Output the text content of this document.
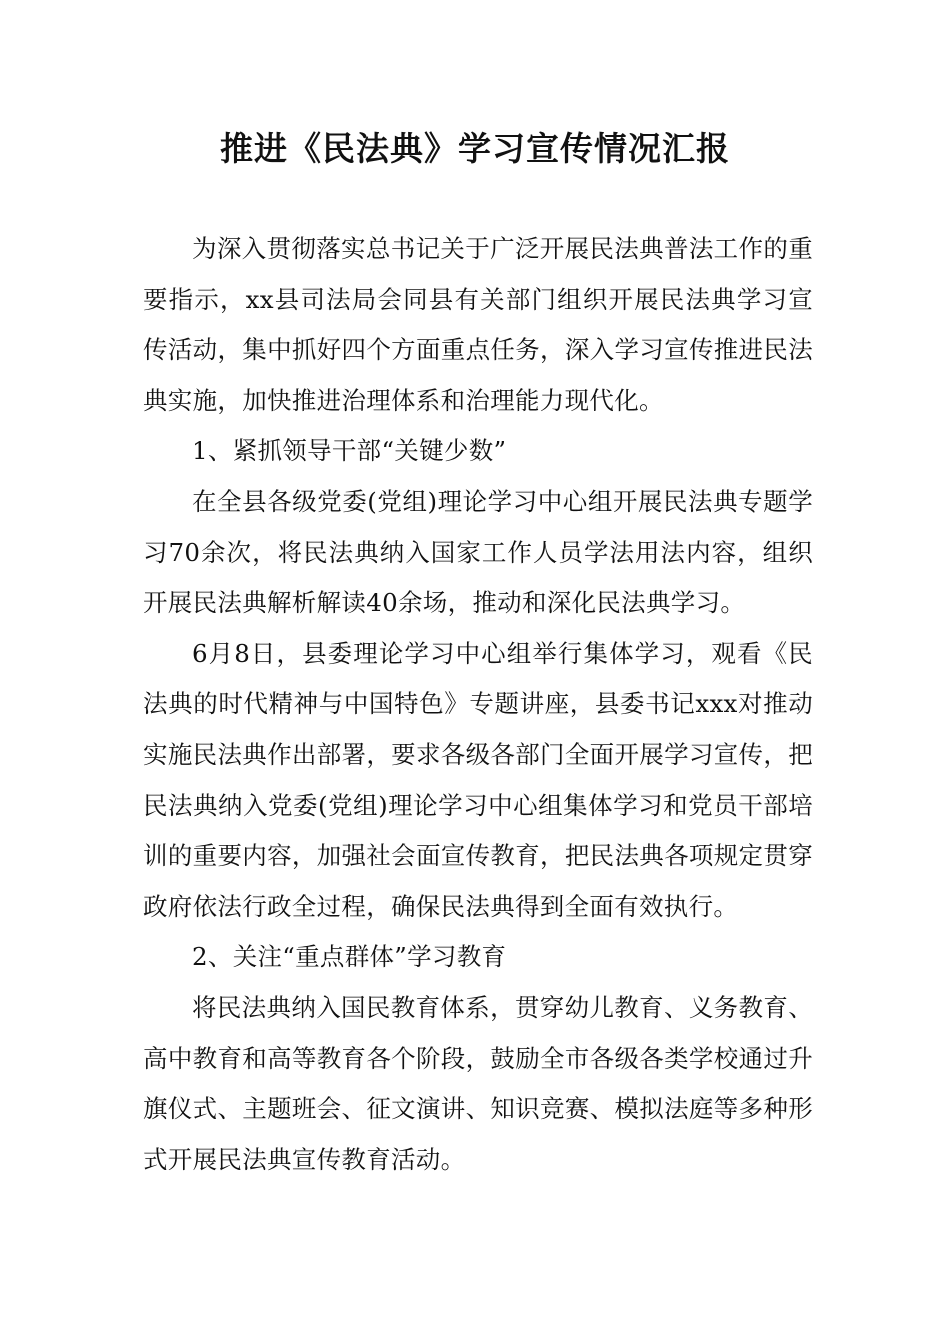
推进《民法典》学习宣传情况汇报

为深入贯彻落实总书记关于广泛开展民法典普法工作的重要指示，xx县司法局会同县有关部门组织开展民法典学习宣传活动，集中抓好四个方面重点任务，深入学习宣传推进民法典实施，加快推进治理体系和治理能力现代化。

1、紧抓领导干部“关键少数”

在全县各级党委(党组)理论学习中心组开展民法典专题学习70余次，将民法典纳入国家工作人员学法用法内容，组织开展民法典解析解读40余场，推动和深化民法典学习。

6月8日，县委理论学习中心组举行集体学习，观看《民法典的时代精神与中国特色》专题讲座，县委书记xxx对推动实施民法典作出部署，要求各级各部门全面开展学习宣传，把民法典纳入党委(党组)理论学习中心组集体学习和党员干部培训的重要内容，加强社会面宣传教育，把民法典各项规定贯穿政府依法行政全过程，确保民法典得到全面有效执行。

2、关注“重点群体”学习教育

将民法典纳入国民教育体系，贯穿幼儿教育、义务教育、高中教育和高等教育各个阶段，鼓励全市各级各类学校通过升旗仪式、主题班会、征文演讲、知识竞赛、模拟法庭等多种形式开展民法典宣传教育活动。
